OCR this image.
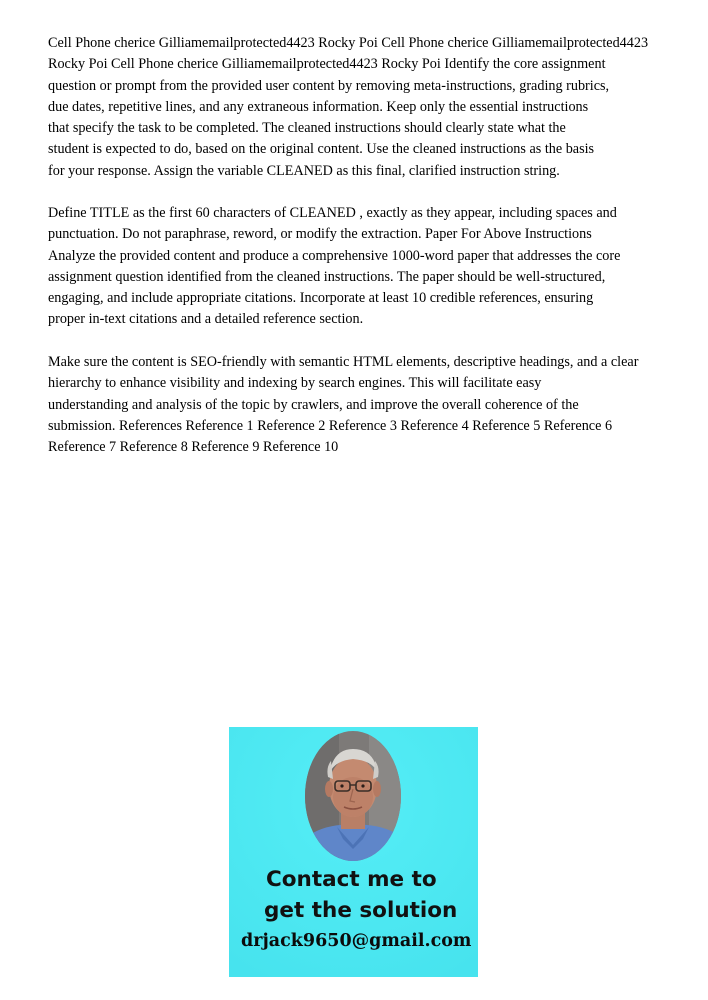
Cell Phone cherice Gilliamemailprotected4423 Rocky Poi Cell Phone cherice Gilliamemailprotected4423
Rocky Poi Cell Phone cherice Gilliamemailprotected4423 Rocky Poi Identify the core assignment
question or prompt from the provided user content by removing meta-instructions, grading rubrics,
due dates, repetitive lines, and any extraneous information. Keep only the essential instructions
that specify the task to be completed. The cleaned instructions should clearly state what the
student is expected to do, based on the original content. Use the cleaned instructions as the basis
for your response. Assign the variable CLEANED as this final, clarified instruction string.

Define TITLE as the first 60 characters of CLEANED , exactly as they appear, including spaces and
punctuation. Do not paraphrase, reword, or modify the extraction. Paper For Above Instructions
Analyze the provided content and produce a comprehensive 1000-word paper that addresses the core
assignment question identified from the cleaned instructions. The paper should be well-structured,
engaging, and include appropriate citations. Incorporate at least 10 credible references, ensuring
proper in-text citations and a detailed reference section.

Make sure the content is SEO-friendly with semantic HTML elements, descriptive headings, and a clear
hierarchy to enhance visibility and indexing by search engines. This will facilitate easy
understanding and analysis of the topic by crawlers, and improve the overall coherence of the
submission. References Reference 1 Reference 2 Reference 3 Reference 4 Reference 5 Reference 6
Reference 7 Reference 8 Reference 9 Reference 10

Contact me to
get the solution
drjack9650@gmail.com
